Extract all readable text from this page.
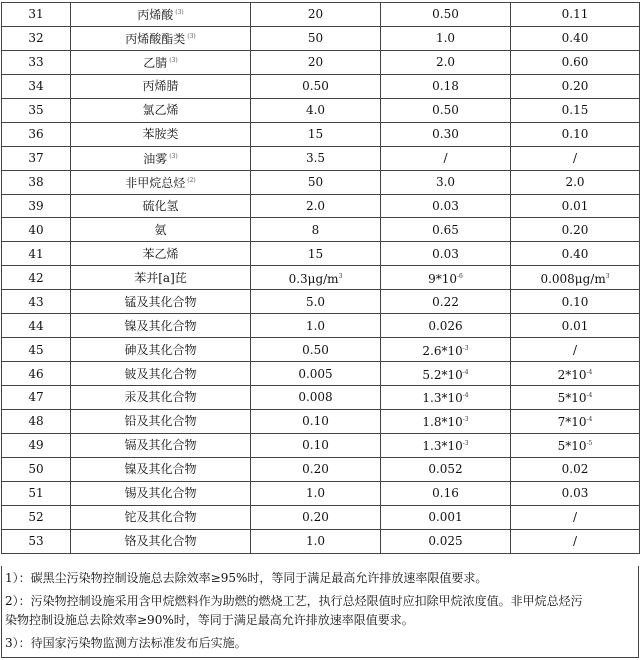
31	丙烯酸 $^{(3)}$	20	0.50	0.11
32	丙烯酸酯类 $^{(3)}$	50	1.0	0.40
33	乙腈 $^{(3)}$	20	2.0	0.60
34	丙烯腈	0.50	0.18	0.20
35	氯乙烯	4.0	0.50	0.15
36	苯胺类	15	0.30	0.10
37	油雾 $^{(3)}$	3.5	/	/
38	非甲烷总烃 $^{(2)}$	50	3.0	2.0
39	硫化氢	2.0	0.03	0.01
40	氨	8	0.65	0.20
41	苯乙烯	15	0.03	0.40
42	苯并[a]芘	$0.3\mu g/m^3$	$9*10^{-6}$	$0.008\mu g/m^3$
43	锰及其化合物	5.0	0.22	0.10
44	镍及其化合物	1.0	0.026	0.01
45	砷及其化合物	0.50	$2.6*10^{-3}$	/
46	铍及其化合物	0.005	$5.2*10^{-4}$	$2*10^{-4}$
47	汞及其化合物	0.008	$1.3*10^{-4}$	$5*10^{-4}$
48	铅及其化合物	0.10	$1.8*10^{-3}$	$7*10^{-4}$
49	镉及其化合物	0.10	$1.3*10^{-3}$	$5*10^{-5}$
50	镍及其化合物	0.20	0.052	0.02
51	锡及其化合物	1.0	0.16	0.03
52	铊及其化合物	0.20	0.001	/
53	铬及其化合物	1.0	0.025	/
1）：碳黑尘污染物控制设施总去除效率≥95%时，等同于满足最高允许排放速率限值要求。
2）：污染物控制设施采用含甲烷燃料作为助燃的燃烧工艺，执行总烃限值时应扣除甲烷浓度值。非甲烷总烃污
染物控制设施总去除效率≥90%时，等同于满足最高允许排放速率限值要求。
3）：待国家污染物监测方法标准发布后实施。
